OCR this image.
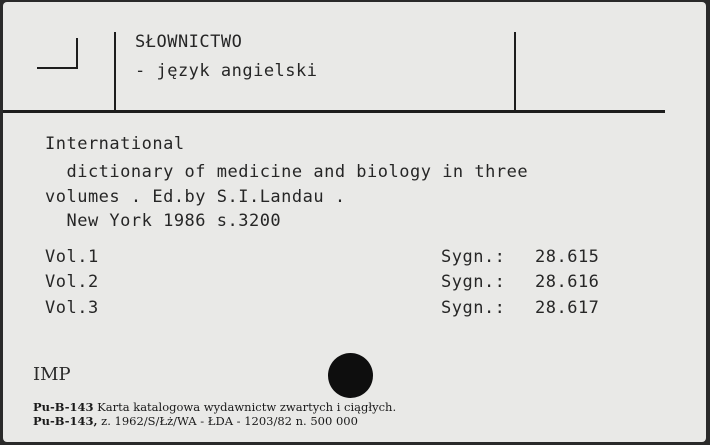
SŁOWNICTWO

- język angielski

International

dictionary of medicine and biology in three

volumes . Ed.by S.I.Landau .

New York 1986 s.3200

Vol.1	Sygn.: 28.615

Vol.2	Sygn.: 28.616

Vol.3	Sygn.: 28.617

IMP

Pu-B-143 Karta katalogowa wydawnictw zwartych i ciągłych.

Pu-B-143, z. 1962/S/Łż/WA - ŁDA - 1203/82 n. 500 000
